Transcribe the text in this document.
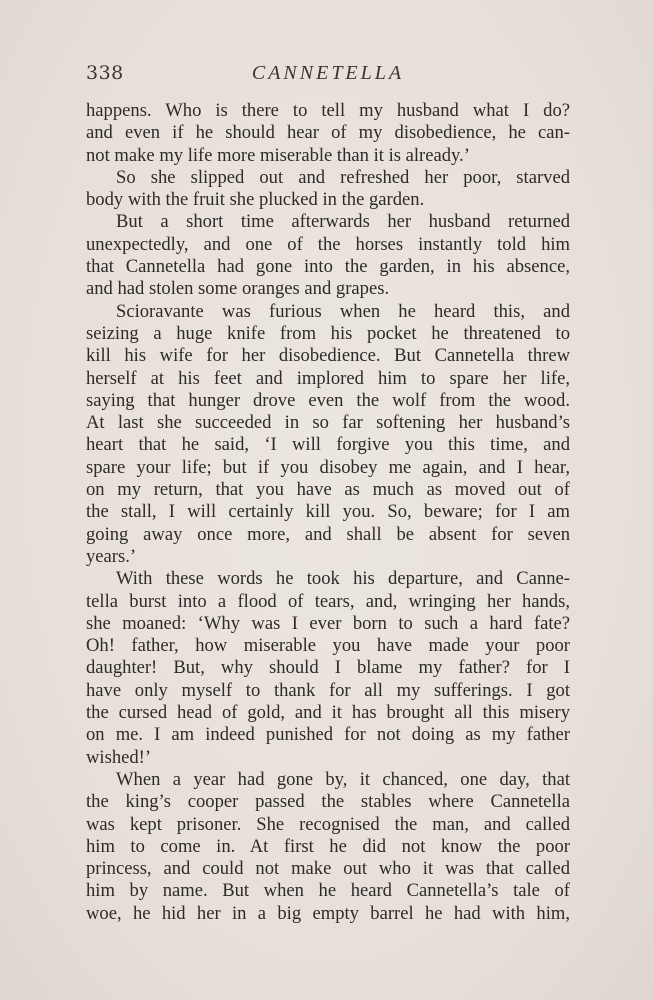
338	CANNETELLA
happens. Who is there to tell my husband what I do?
and even if he should hear of my disobedience, he can-
not make my life more miserable than it is already.’
So she slipped out and refreshed her poor, starved
body with the fruit she plucked in the garden.
But a short time afterwards her husband returned
unexpectedly, and one of the horses instantly told him
that Cannetella had gone into the garden, in his absence,
and had stolen some oranges and grapes.
Scioravante was furious when he heard this, and
seizing a huge knife from his pocket he threatened to
kill his wife for her disobedience. But Cannetella threw
herself at his feet and implored him to spare her life,
saying that hunger drove even the wolf from the wood.
At last she succeeded in so far softening her husband’s
heart that he said, ‘I will forgive you this time, and
spare your life; but if you disobey me again, and I hear,
on my return, that you have as much as moved out of
the stall, I will certainly kill you. So, beware; for I am
going away once more, and shall be absent for seven
years.’
With these words he took his departure, and Canne-
tella burst into a flood of tears, and, wringing her hands,
she moaned: ‘Why was I ever born to such a hard fate?
Oh! father, how miserable you have made your poor
daughter! But, why should I blame my father? for I
have only myself to thank for all my sufferings. I got
the cursed head of gold, and it has brought all this misery
on me. I am indeed punished for not doing as my father
wished!’
When a year had gone by, it chanced, one day, that
the king’s cooper passed the stables where Cannetella
was kept prisoner. She recognised the man, and called
him to come in. At first he did not know the poor
princess, and could not make out who it was that called
him by name. But when he heard Cannetella’s tale of
woe, he hid her in a big empty barrel he had with him,
